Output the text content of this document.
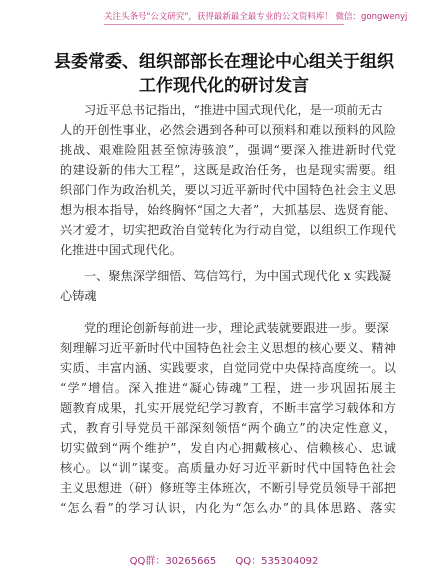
关注头条号"公文研究"，获得最新最全最专业的公文资料库！ 微信：gongwenyj
县委常委、组织部部长在理论中心组关于组织
工作现代化的研讨发言
习近平总书记指出，“推进中国式现代化，是一项前无古
人的开创性事业，必然会遇到各种可以预料和难以预料的风险
挑战、艰难险阻甚至惊涛骇浪”，强调“要深入推进新时代党
的建设新的伟大工程”，这既是政治任务，也是现实需要。组
织部门作为政治机关，要以习近平新时代中国特色社会主义思
想为根本指导，始终胸怀“国之大者”，大抓基层、选贤育能、
兴才爱才，切实把政治自觉转化为行动自觉，以组织工作现代
化推进中国式现代化。
一、聚焦深学细悟、笃信笃行，为中国式现代化 x 实践凝
心铸魂
党的理论创新每前进一步，理论武装就要跟进一步。要深
刻理解习近平新时代中国特色社会主义思想的核心要义、精神
实质、丰富内涵、实践要求，自觉同党中央保持高度统一。以
“学”增信。深入推进“凝心铸魂”工程，进一步巩固拓展主
题教育成果，扎实开展党纪学习教育，不断丰富学习载体和方
式，教育引导党员干部深刻领悟“两个确立”的决定性意义，
切实做到“两个维护”，发自内心拥戴核心、信赖核心、忠诚
核心。以“训”谋变。高质量办好习近平新时代中国特色社会
主义思想进（研）修班等主体班次，不断引导党员领导干部把
“怎么看”的学习认识，内化为“怎么办”的具体思路、落实
QQ群：30265665 QQ：535304092
